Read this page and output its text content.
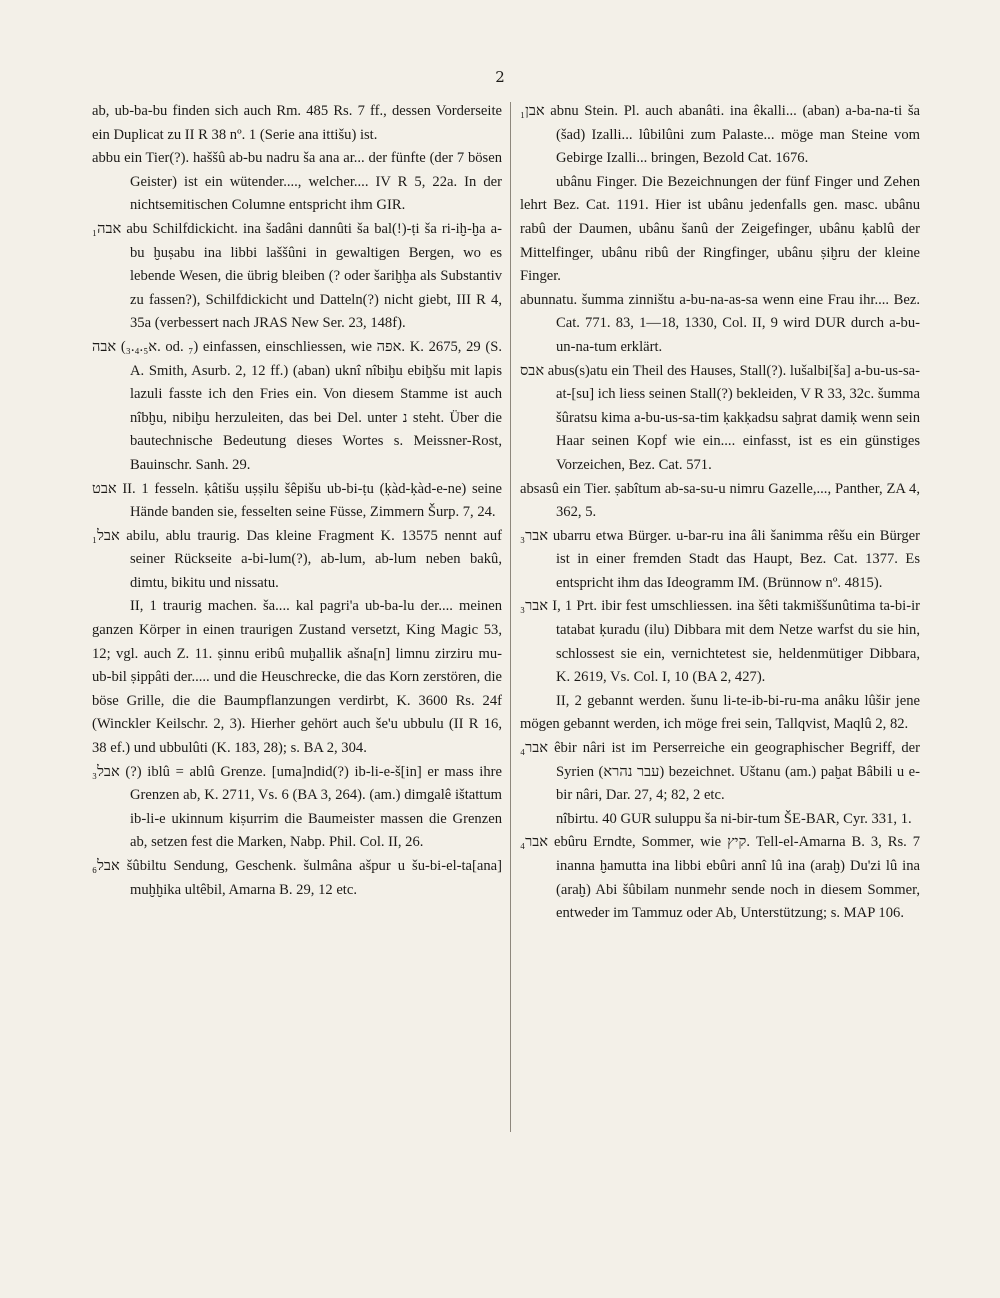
2

ab, ub-ba-bu finden sich auch Rm. 485 Rs. 7 ff., dessen Vorderseite ein Duplicat zu II R 38 nº. 1 (Serie ana ittišu) ist.

abbu ein Tier(?). haššû ab-bu nadru ša ana ar... der fünfte (der 7 bösen Geister) ist ein wütender...., welcher.... IV R 5, 22a. In der nichtsemitischen Columne entspricht ihm GIR.

אבה₁ abu Schilfdickicht. ina šadâni dannûti ša bal(!)-ṭi ša ri-iḫ-ḫa a-bu ḫuṣabu ina libbi laššûni in gewaltigen Bergen, wo es lebende Wesen, die übrig bleiben (? oder šariḫḫa als Substantiv zu fassen?), Schilfdickicht und Datteln(?) nicht giebt, III R 4, 35a (verbessert nach JRAS New Ser. 23, 148f).

אבה (א₃.₄.₅. od. ₇) einfassen, einschliessen, wie אפה. K. 2675, 29 (S. A. Smith, Asurb. 2, 12 ff.) (aban) uknî nîbiḫu ebiḫšu mit lapis lazuli fasste ich den Fries ein. Von diesem Stamme ist auch nîbḫu, nibiḫu herzuleiten, das bei Del. unter נ steht. Über die bautechnische Bedeutung dieses Wortes s. Meissner-Rost, Bauinschr. Sanh. 29.

אבט II. 1 fesseln. ḳâtišu uṣṣilu šêpišu ub-bi-ṭu (ḳàd-ḳàd-e-ne) seine Hände banden sie, fesselten seine Füsse, Zimmern Šurp. 7, 24.

אבל₁ abilu, ablu traurig. Das kleine Fragment K. 13575 nennt auf seiner Rückseite a-bi-lum(?), ab-lum, ab-lum neben bakû, dimtu, bikitu und nissatu.

II, 1 traurig machen. ša.... kal pagri'a ub-ba-lu der.... meinen ganzen Körper in einen traurigen Zustand versetzt, King Magic 53, 12; vgl. auch Z. 11. ṣinnu eribû muḫallik ašna[n] limnu zirziru mu-ub-bil ṣippâti der..... und die Heuschrecke, die das Korn zerstören, die böse Grille, die die Baumpflanzungen verdirbt, K. 3600 Rs. 24f (Winckler Keilschr. 2, 3). Hierher gehört auch še'u ubbulu (II R 16, 38 ef.) und ubbulûti (K. 183, 28); s. BA 2, 304.

אבל₃ (?) iblû = ablû Grenze. [uma]ndid(?) ib-li-e-š[in] er mass ihre Grenzen ab, K. 2711, Vs. 6 (BA 3, 264). (am.) dimgalê ištattum ib-li-e ukinnum kiṣurrim die Baumeister massen die Grenzen ab, setzen fest die Marken, Nabp. Phil. Col. II, 26.

אבל₆ šûbiltu Sendung, Geschenk. šulmâna ašpur u šu-bi-el-ta[ana] muḫḫika ultêbil, Amarna B. 29, 12 etc.

אבן₁ abnu Stein. Pl. auch abanâti. ina êkalli... (aban) a-ba-na-ti ša (šad) Izalli... lûbilûni zum Palaste... möge man Steine vom Gebirge Izalli... bringen, Bezold Cat. 1676.

ubânu Finger. Die Bezeichnungen der fünf Finger und Zehen lehrt Bez. Cat. 1191. Hier ist ubânu jedenfalls gen. masc. ubânu rabû der Daumen, ubânu šanû der Zeigefinger, ubânu ḳablû der Mittelfinger, ubânu ribû der Ringfinger, ubânu ṣiḫru der kleine Finger.

abunnatu. šumma zinništu a-bu-na-as-sa wenn eine Frau ihr.... Bez. Cat. 771. 83, 1—18, 1330, Col. II, 9 wird DUR durch a-bu-un-na-tum erklärt.

אבס abus(s)atu ein Theil des Hauses, Stall(?). lušalbi[ša] a-bu-us-sa-at-[su] ich liess seinen Stall(?) bekleiden, V R 33, 32c. šumma šûratsu kima a-bu-us-sa-tim ḳakḳadsu saḫrat damiḳ wenn sein Haar seinen Kopf wie ein.... einfasst, ist es ein günstiges Vorzeichen, Bez. Cat. 571.

absasû ein Tier. ṣabîtum ab-sa-su-u nimru Gazelle,..., Panther, ZA 4, 362, 5.

אבר₃ ubarru etwa Bürger. u-bar-ru ina âli šanimma rêšu ein Bürger ist in einer fremden Stadt das Haupt, Bez. Cat. 1377. Es entspricht ihm das Ideogramm IM. (Brünnow nº. 4815).

אבר₃ I, 1 Prt. ibir fest umschliessen. ina šêti takmiššunûtima ta-bi-ir tatabat ḳuradu (ilu) Dibbara mit dem Netze warfst du sie hin, schlossest sie ein, vernichtetest sie, heldenmütiger Dibbara, K. 2619, Vs. Col. I, 10 (BA 2, 427).

II, 2 gebannt werden. šunu li-te-ib-bi-ru-ma anâku lûšir jene mögen gebannt werden, ich möge frei sein, Tallqvist, Maqlû 2, 82.

אבר₄ êbir nâri ist im Perserreiche ein geographischer Begriff, der Syrien (עבר נהרא) bezeichnet. Uštanu (am.) paḫat Bâbili u e-bir nâri, Dar. 27, 4; 82, 2 etc.

nîbirtu. 40 GUR suluppu ša ni-bir-tum ŠE-BAR, Cyr. 331, 1.

אבר₄ ebûru Erndte, Sommer, wie קיץ. Tell-el-Amarna B. 3, Rs. 7 inanna ḫamutta ina libbi ebûri annî lû ina (araḫ) Du'zi lû ina (araḫ) Abi šûbilam nunmehr sende noch in diesem Sommer, entweder im Tammuz oder Ab, Unterstützung; s. MAP 106.
